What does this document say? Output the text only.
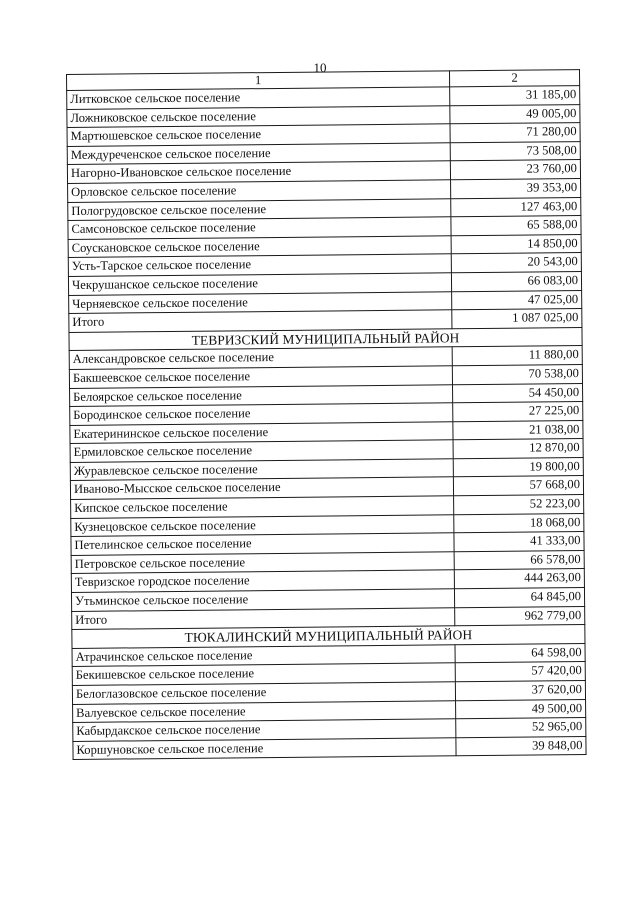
10
1	2
Литковское сельское поселение	31 185,00
Ложниковское сельское поселение	49 005,00
Мартюшевское сельское поселение	71 280,00
Междуреченское сельское поселение	73 508,00
Нагорно-Ивановское сельское поселение	23 760,00
Орловское сельское поселение	39 353,00
Пологрудовское сельское поселение	127 463,00
Самсоновское сельское поселение	65 588,00
Соускановское сельское поселение	14 850,00
Усть-Тарское сельское поселение	20 543,00
Чекрушанское сельское поселение	66 083,00
Черняевское сельское поселение	47 025,00
Итого	1 087 025,00
ТЕВРИЗСКИЙ МУНИЦИПАЛЬНЫЙ РАЙОН	
Александровское сельское поселение	11 880,00
Бакшеевское сельское поселение	70 538,00
Белоярское сельское поселение	54 450,00
Бородинское сельское поселение	27 225,00
Екатерининское сельское поселение	21 038,00
Ермиловское сельское поселение	12 870,00
Журавлевское сельское поселение	19 800,00
Иваново-Мысское сельское поселение	57 668,00
Кипское сельское поселение	52 223,00
Кузнецовское сельское поселение	18 068,00
Петелинское сельское поселение	41 333,00
Петровское сельское поселение	66 578,00
Тевризское городское поселение	444 263,00
Утьминское сельское поселение	64 845,00
Итого	962 779,00
ТЮКАЛИНСКИЙ МУНИЦИПАЛЬНЫЙ РАЙОН	
Атрачинское сельское поселение	64 598,00
Бекишевское сельское поселение	57 420,00
Белоглазовское сельское поселение	37 620,00
Валуевское сельское поселение	49 500,00
Кабырдакское сельское поселение	52 965,00
Коршуновское сельское поселение	39 848,00
